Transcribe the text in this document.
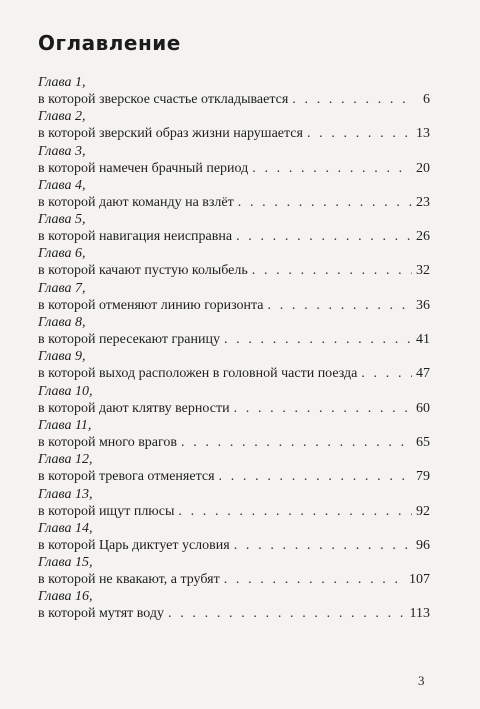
Оглавление
Глава 1,
в которой зверское счастье откладывается . . .	6
Глава 2,
в которой зверский образ жизни нарушается . . .	13
Глава 3,
в которой намечен брачный период . . .	20
Глава 4,
в которой дают команду на взлёт . . .	23
Глава 5,
в которой навигация неисправна . . .	26
Глава 6,
в которой качают пустую колыбель . . .	32
Глава 7,
в которой отменяют линию горизонта . . .	36
Глава 8,
в которой пересекают границу . . .	41
Глава 9,
в которой выход расположен в головной части поезда . . .	47
Глава 10,
в которой дают клятву верности . . .	60
Глава 11,
в которой много врагов . . .	65
Глава 12,
в которой тревога отменяется . . .	79
Глава 13,
в которой ищут плюсы . . .	92
Глава 14,
в которой Царь диктует условия . . .	96
Глава 15,
в которой не квакают, а трубят . . .	107
Глава 16,
в которой мутят воду . . .	113
3
